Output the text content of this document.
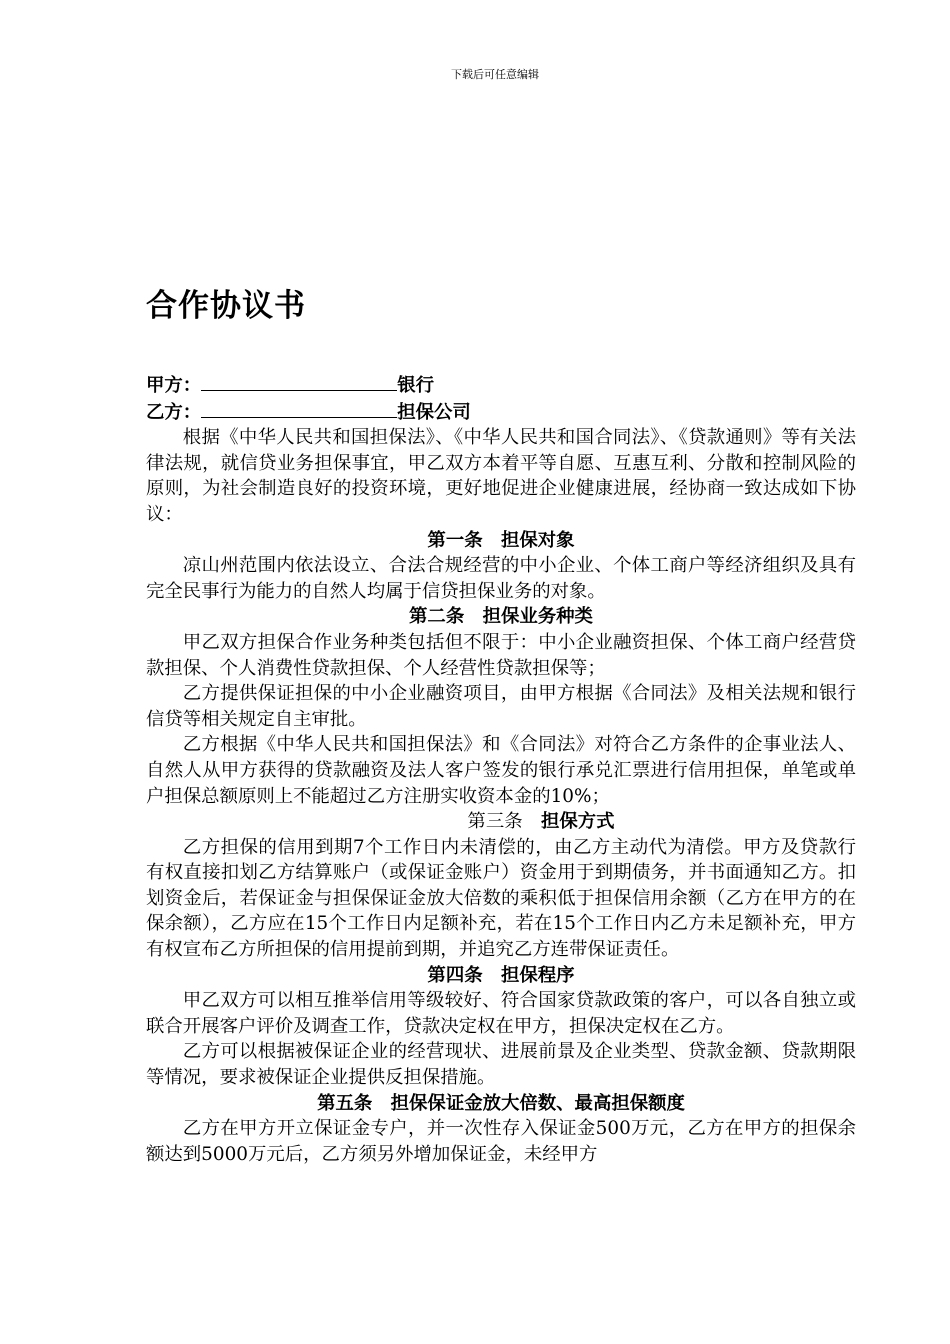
下载后可任意编辑
合作协议书
甲方：	银行
乙方：	担保公司

根据《中华人民共和国担保法》、《中华人民共和国合同法》、《贷款通则》等有关法律法规，就信贷业务担保事宜，甲乙双方本着平等自愿、互惠互利、分散和控制风险的原则，为社会制造良好的投资环境，更好地促进企业健康进展，经协商一致达成如下协议：

第一条　担保对象

凉山州范围内依法设立、合法合规经营的中小企业、个体工商户等经济组织及具有完全民事行为能力的自然人均属于信贷担保业务的对象。

第二条　担保业务种类

甲乙双方担保合作业务种类包括但不限于：中小企业融资担保、个体工商户经营贷款担保、个人消费性贷款担保、个人经营性贷款担保等；

乙方提供保证担保的中小企业融资项目，由甲方根据《合同法》及相关法规和银行信贷等相关规定自主审批。

乙方根据《中华人民共和国担保法》和《合同法》对符合乙方条件的企事业法人、自然人从甲方获得的贷款融资及法人客户签发的银行承兑汇票进行信用担保，单笔或单户担保总额原则上不能超过乙方注册实收资本金的10%；

第三条　担保方式

乙方担保的信用到期7个工作日内未清偿的，由乙方主动代为清偿。甲方及贷款行有权直接扣划乙方结算账户（或保证金账户）资金用于到期债务，并书面通知乙方。扣划资金后，若保证金与担保保证金放大倍数的乘积低于担保信用余额（乙方在甲方的在保余额），乙方应在15个工作日内足额补充，若在15个工作日内乙方未足额补充，甲方有权宣布乙方所担保的信用提前到期，并追究乙方连带保证责任。

第四条　担保程序

甲乙双方可以相互推举信用等级较好、符合国家贷款政策的客户，可以各自独立或联合开展客户评价及调查工作，贷款决定权在甲方，担保决定权在乙方。

乙方可以根据被保证企业的经营现状、进展前景及企业类型、贷款金额、贷款期限等情况，要求被保证企业提供反担保措施。

第五条　担保保证金放大倍数、最高担保额度

乙方在甲方开立保证金专户，并一次性存入保证金500万元，乙方在甲方的担保余额达到5000万元后，乙方须另外增加保证金，未经甲方
